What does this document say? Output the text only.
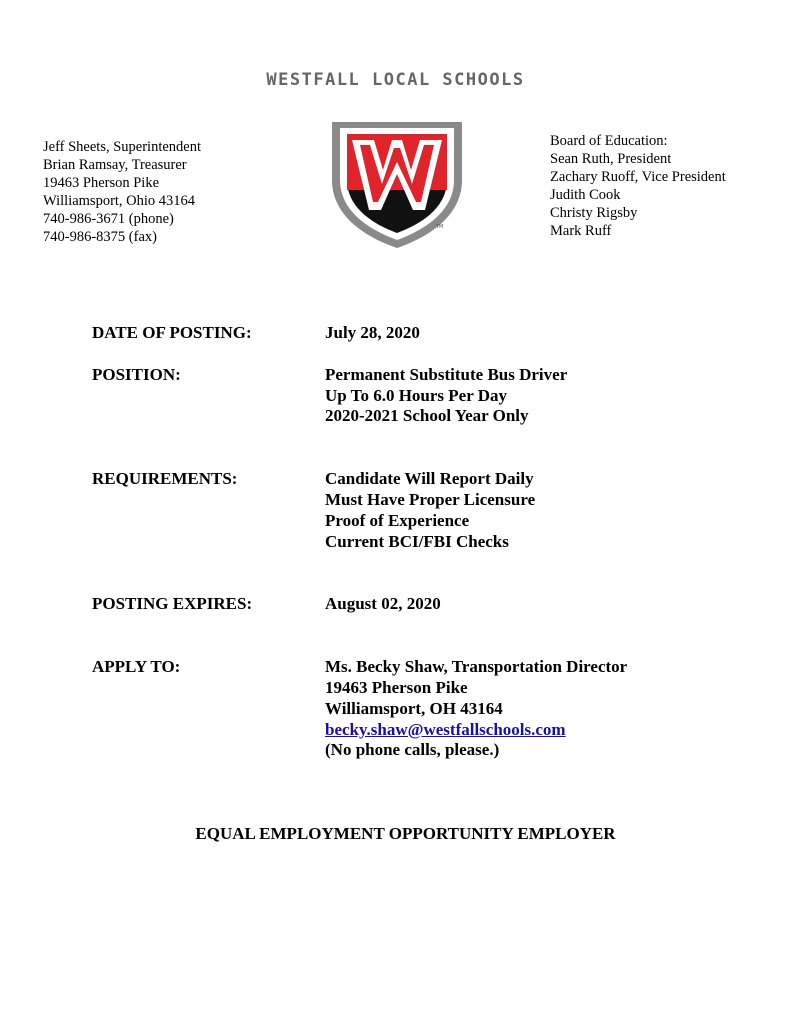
WESTFALL LOCAL SCHOOLS
Jeff Sheets, Superintendent
Brian Ramsay, Treasurer
19463 Pherson Pike
Williamsport, Ohio 43164
740-986-3671 (phone)
740-986-8375 (fax)
TM
Board of Education:
Sean Ruth, President
Zachary Ruoff, Vice President
Judith Cook
Christy Rigsby
Mark Ruff
DATE OF POSTING:	July 28, 2020
POSITION:	Permanent Substitute Bus Driver
Up To 6.0 Hours Per Day
2020-2021 School Year Only
REQUIREMENTS:	Candidate Will Report Daily
Must Have Proper Licensure
Proof of Experience
Current BCI/FBI Checks
POSTING EXPIRES:	August 02, 2020
APPLY TO:	Ms. Becky Shaw, Transportation Director
19463 Pherson Pike
Williamsport, OH 43164
becky.shaw@westfallschools.com
(No phone calls, please.)
EQUAL EMPLOYMENT OPPORTUNITY EMPLOYER
